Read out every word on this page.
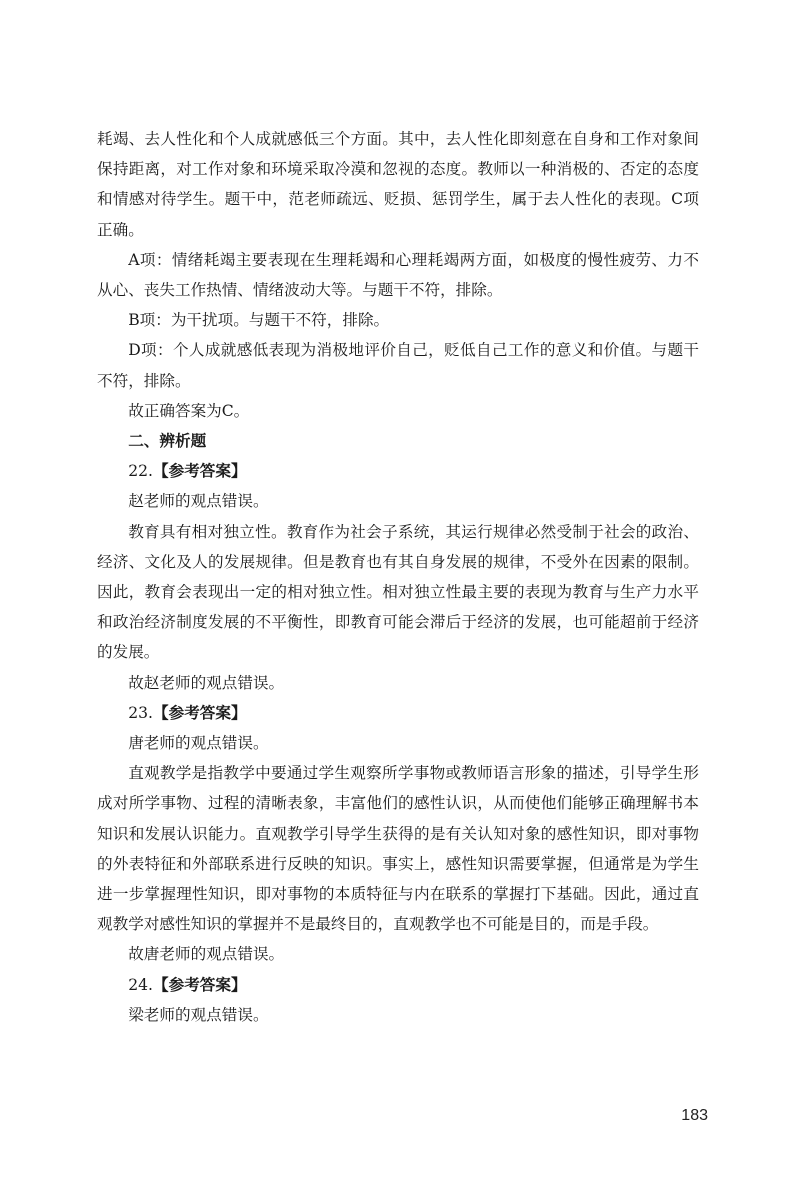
耗竭、去人性化和个人成就感低三个方面。其中，去人性化即刻意在自身和工作对象间保持距离，对工作对象和环境采取冷漠和忽视的态度。教师以一种消极的、否定的态度和情感对待学生。题干中，范老师疏远、贬损、惩罚学生，属于去人性化的表现。C项正确。

A项：情绪耗竭主要表现在生理耗竭和心理耗竭两方面，如极度的慢性疲劳、力不从心、丧失工作热情、情绪波动大等。与题干不符，排除。

B项：为干扰项。与题干不符，排除。

D项：个人成就感低表现为消极地评价自己，贬低自己工作的意义和价值。与题干不符，排除。

故正确答案为C。

二、辨析题

22.【参考答案】

赵老师的观点错误。

教育具有相对独立性。教育作为社会子系统，其运行规律必然受制于社会的政治、经济、文化及人的发展规律。但是教育也有其自身发展的规律，不受外在因素的限制。因此，教育会表现出一定的相对独立性。相对独立性最主要的表现为教育与生产力水平和政治经济制度发展的不平衡性，即教育可能会滞后于经济的发展，也可能超前于经济的发展。

故赵老师的观点错误。

23.【参考答案】

唐老师的观点错误。

直观教学是指教学中要通过学生观察所学事物或教师语言形象的描述，引导学生形成对所学事物、过程的清晰表象，丰富他们的感性认识，从而使他们能够正确理解书本知识和发展认识能力。直观教学引导学生获得的是有关认知对象的感性知识，即对事物的外表特征和外部联系进行反映的知识。事实上，感性知识需要掌握，但通常是为学生进一步掌握理性知识，即对事物的本质特征与内在联系的掌握打下基础。因此，通过直观教学对感性知识的掌握并不是最终目的，直观教学也不可能是目的，而是手段。

故唐老师的观点错误。

24.【参考答案】

梁老师的观点错误。

183
